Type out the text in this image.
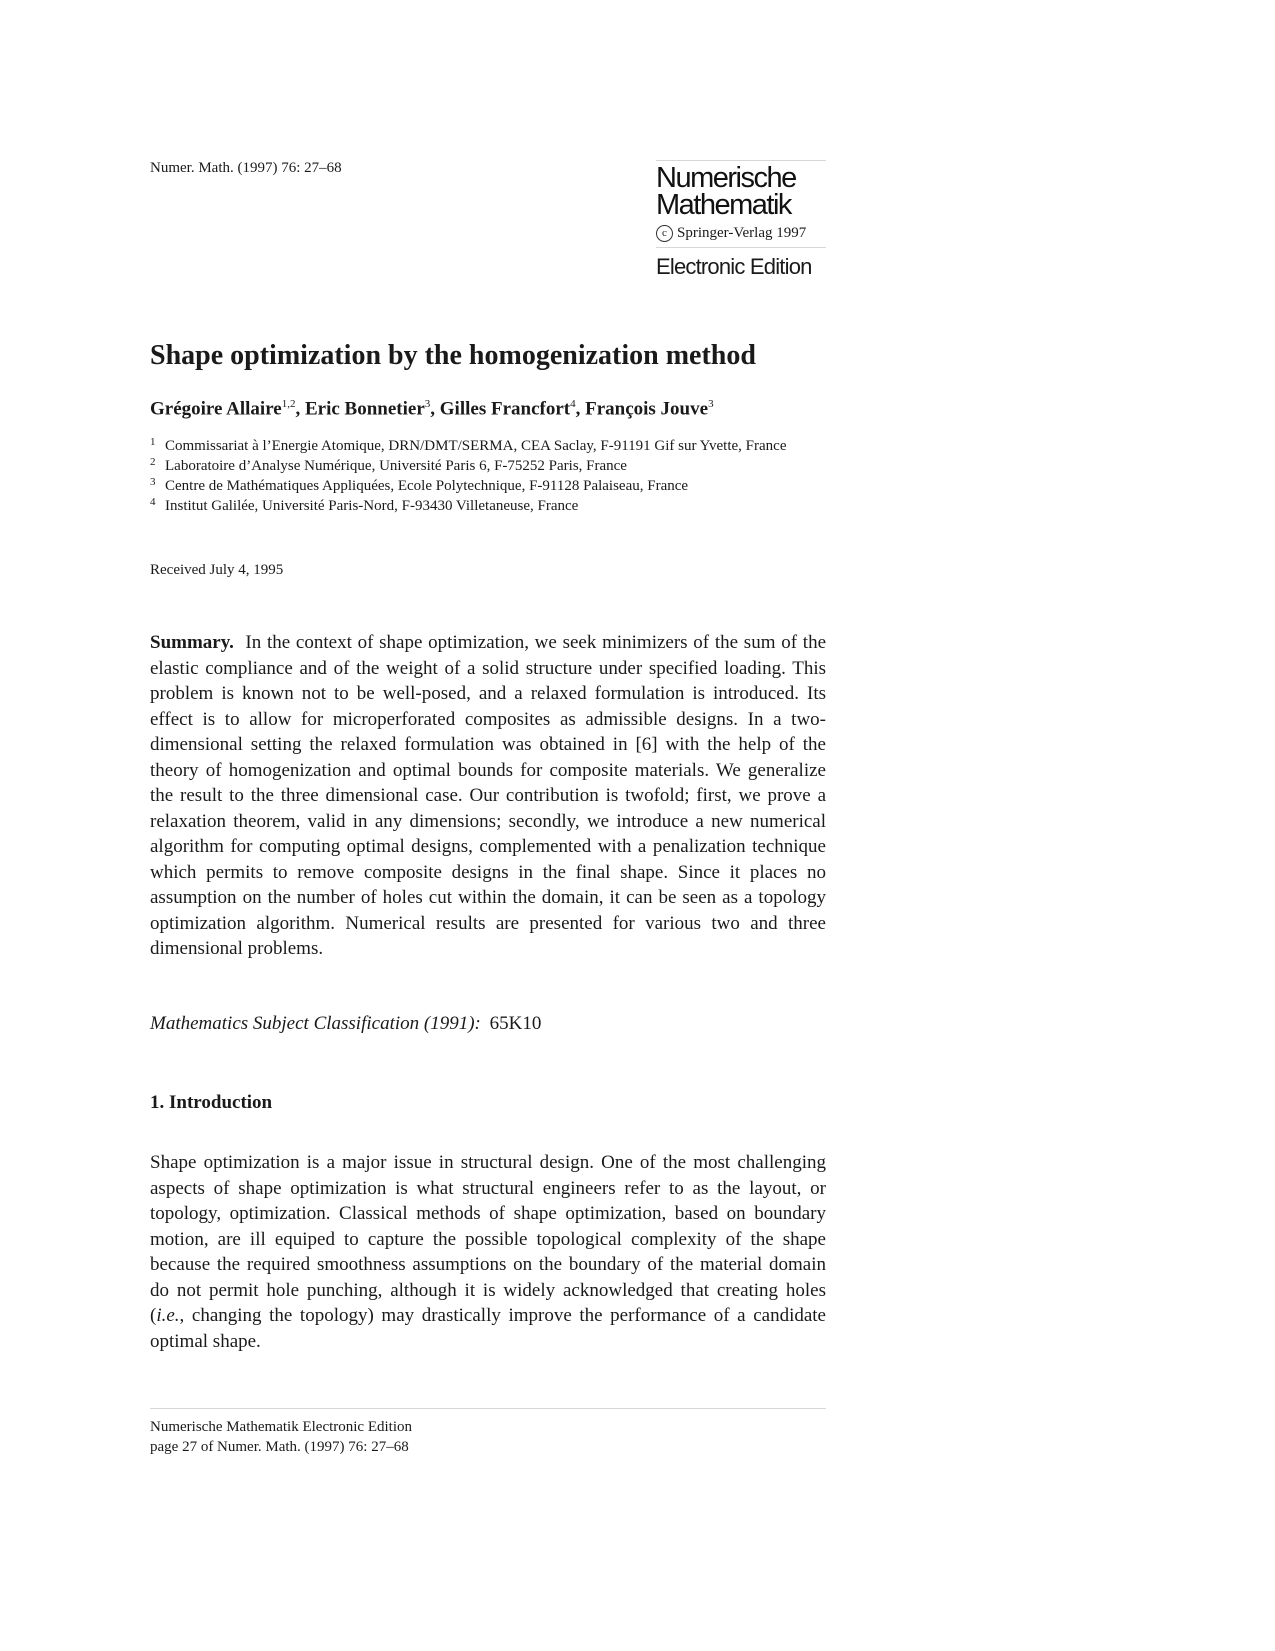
Numer. Math. (1997) 76: 27–68	Numerische
Mathematik
c Springer-Verlag 1997
Electronic Edition
Shape optimization by the homogenization method
Grégoire Allaire$^{1,2}$, Eric Bonnetier$^3$, Gilles Francfort$^4$, François Jouve$^3$
1 Commissariat à l’Energie Atomique, DRN/DMT/SERMA, CEA Saclay, F-91191 Gif sur Yvette, France
2 Laboratoire d’Analyse Numérique, Université Paris 6, F-75252 Paris, France
3 Centre de Mathématiques Appliquées, Ecole Polytechnique, F-91128 Palaiseau, France
4 Institut Galilée, Université Paris-Nord, F-93430 Villetaneuse, France
Received July 4, 1995
Summary. In the context of shape optimization, we seek minimizers of the sum of the elastic compliance and of the weight of a solid structure under specified loading. This problem is known not to be well-posed, and a relaxed formulation is introduced. Its effect is to allow for microperforated composites as admissible designs. In a two-dimensional setting the relaxed formulation was obtained in [6] with the help of the theory of homogenization and optimal bounds for composite materials. We generalize the result to the three dimensional case. Our contribution is twofold; first, we prove a relaxation theorem, valid in any dimensions; secondly, we introduce a new numerical algorithm for computing optimal designs, complemented with a penalization technique which permits to remove composite designs in the final shape. Since it places no assumption on the number of holes cut within the domain, it can be seen as a topology optimization algorithm. Numerical results are presented for various two and three dimensional problems.
Mathematics Subject Classification (1991): 65K10
1. Introduction
Shape optimization is a major issue in structural design. One of the most challenging aspects of shape optimization is what structural engineers refer to as the layout, or topology, optimization. Classical methods of shape optimization, based on boundary motion, are ill equiped to capture the possible topological complexity of the shape because the required smoothness assumptions on the boundary of the material domain do not permit hole punching, although it is widely acknowledged that creating holes (i.e., changing the topology) may drastically improve the performance of a candidate optimal shape.
Numerische Mathematik Electronic Edition
page 27 of Numer. Math. (1997) 76: 27–68
